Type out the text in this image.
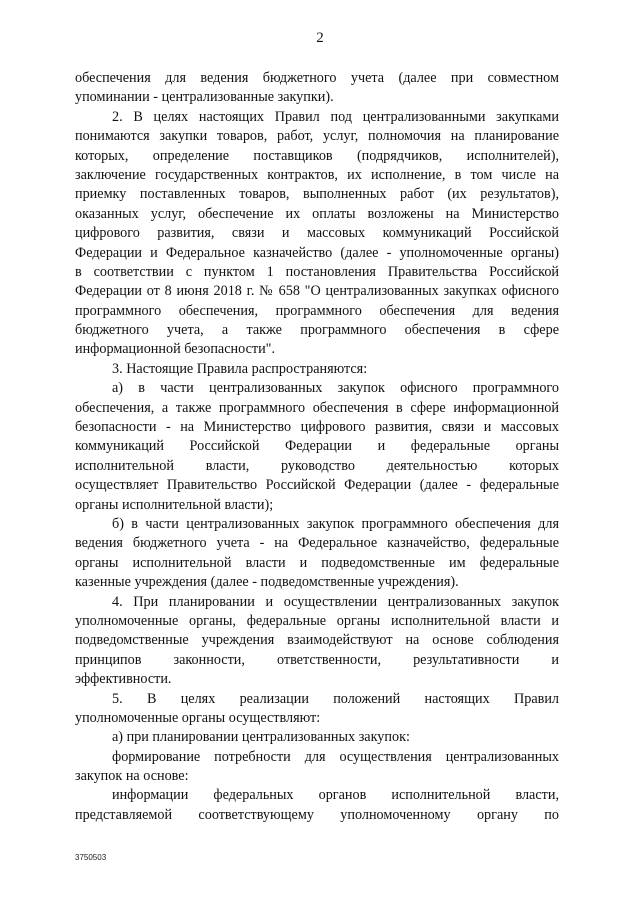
2
обеспечения для ведения бюджетного учета (далее при совместном
упоминании - централизованные закупки).
2. В целях настоящих Правил под централизованными закупками
понимаются закупки товаров, работ, услуг, полномочия на планирование
которых, определение поставщиков (подрядчиков, исполнителей),
заключение государственных контрактов, их исполнение, в том числе на
приемку поставленных товаров, выполненных работ (их результатов),
оказанных услуг, обеспечение их оплаты возложены на Министерство
цифрового развития, связи и массовых коммуникаций Российской
Федерации и Федеральное казначейство (далее - уполномоченные органы)
в соответствии с пунктом 1 постановления Правительства Российской
Федерации от 8 июня 2018 г. № 658 "О централизованных закупках офисного
программного обеспечения, программного обеспечения для ведения
бюджетного учета, а также программного обеспечения в сфере
информационной безопасности".
3. Настоящие Правила распространяются:
а) в части централизованных закупок офисного программного
обеспечения, а также программного обеспечения в сфере информационной
безопасности - на Министерство цифрового развития, связи и массовых
коммуникаций Российской Федерации и федеральные органы
исполнительной власти, руководство деятельностью которых
осуществляет Правительство Российской Федерации (далее - федеральные
органы исполнительной власти);
б) в части централизованных закупок программного обеспечения для
ведения бюджетного учета - на Федеральное казначейство, федеральные
органы исполнительной власти и подведомственные им федеральные
казенные учреждения (далее - подведомственные учреждения).
4. При планировании и осуществлении централизованных закупок
уполномоченные органы, федеральные органы исполнительной власти и
подведомственные учреждения взаимодействуют на основе соблюдения
принципов законности, ответственности, результативности и
эффективности.
5. В целях реализации положений настоящих Правил
уполномоченные органы осуществляют:
а) при планировании централизованных закупок:
формирование потребности для осуществления централизованных
закупок на основе:
информации федеральных органов исполнительной власти,
представляемой соответствующему уполномоченному органу по
3750503
